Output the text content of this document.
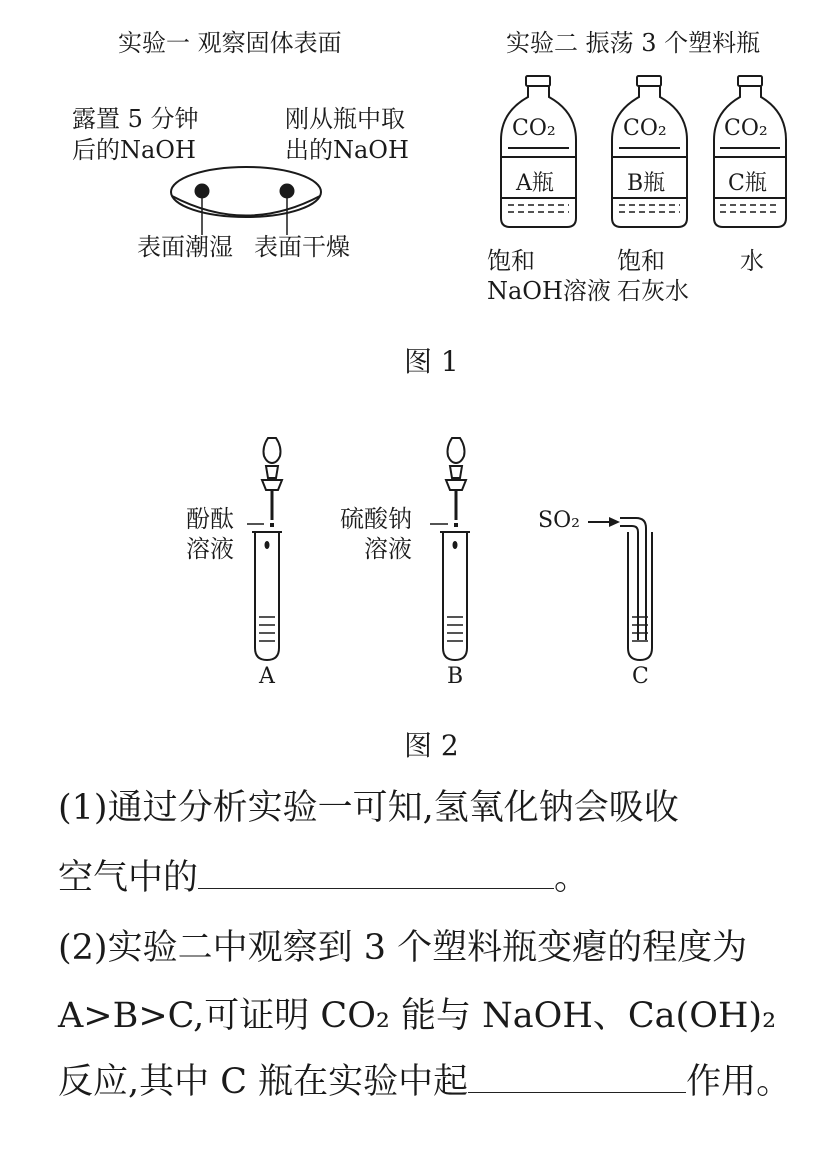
实验一 观察固体表面
露置 5 分钟
后的NaOH
刚从瓶中取
出的NaOH
表面潮湿 表面干燥
实验二 振荡 3 个塑料瓶
CO₂
A瓶
饱和
NaOH溶液
CO₂
B瓶
饱和
石灰水
CO₂
C瓶
水
图 1
酚酞
溶液
A
硫酸钠
溶液
B
SO₂
C
图 2
(1)通过分析实验一可知,氢氧化钠会吸收
空气中的	。
(2)实验二中观察到 3 个塑料瓶变瘪的程度为
A>B>C,可证明 CO₂ 能与 NaOH、Ca(OH)₂
反应,其中 C 瓶在实验中起	作用。
